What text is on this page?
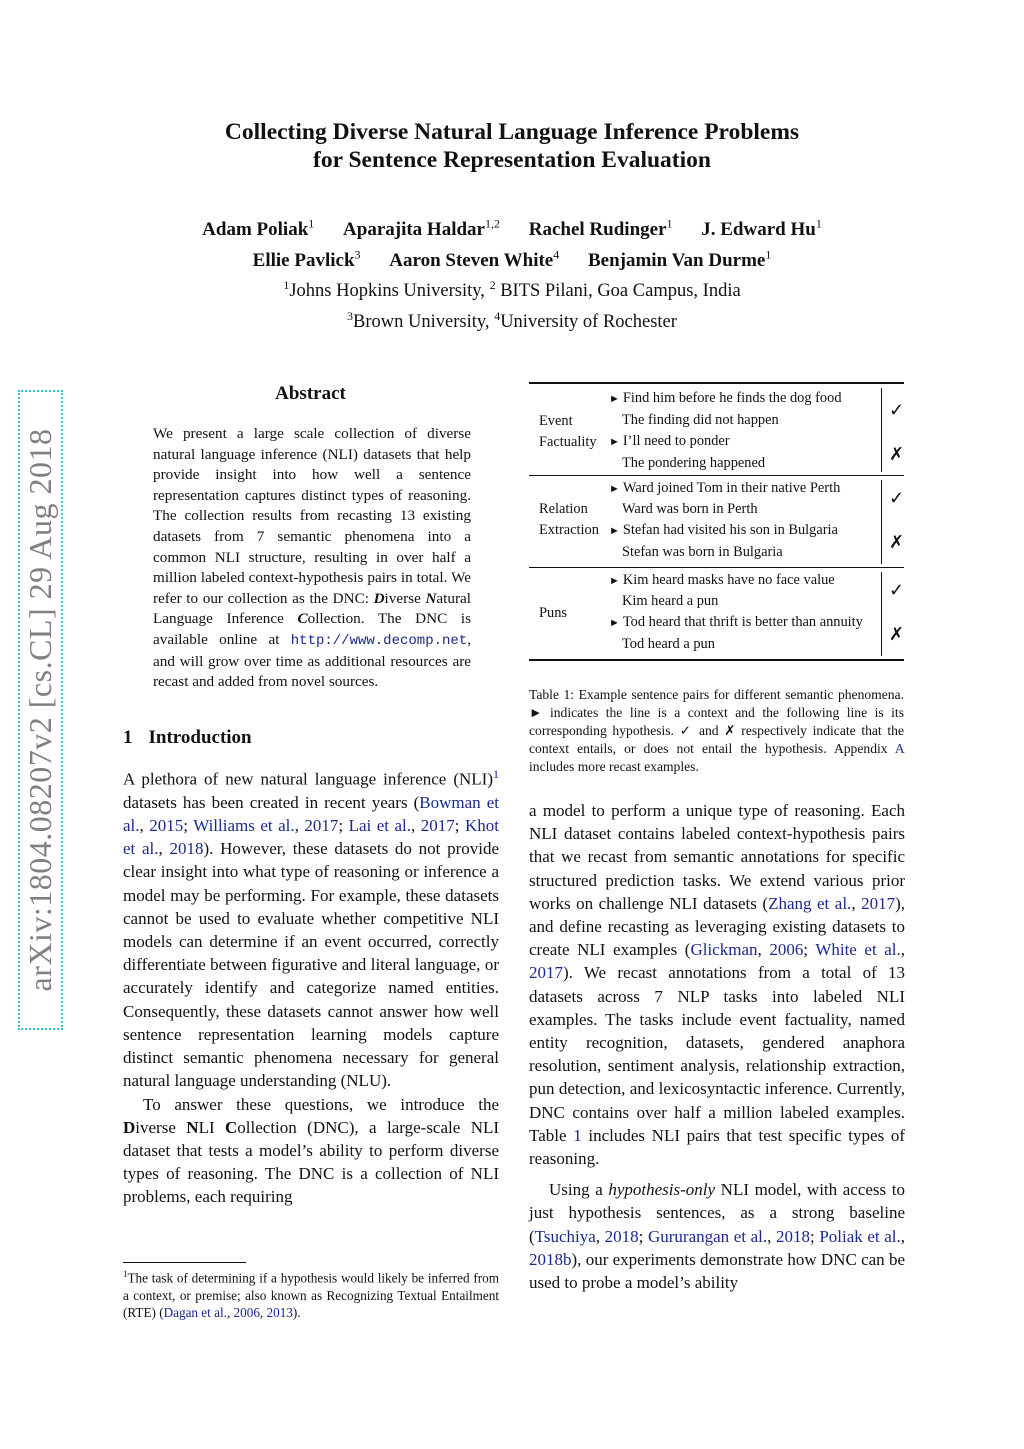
arXiv:1804.08207v2 [cs.CL] 29 Aug 2018
Collecting Diverse Natural Language Inference Problems
for Sentence Representation Evaluation
Adam Poliak$^1$ Aparajita Haldar$^{1,2}$ Rachel Rudinger$^1$ J. Edward Hu$^1$
Ellie Pavlick$^3$ Aaron Steven White$^4$ Benjamin Van Durme$^1$
$^1$Johns Hopkins University, $^2$ BITS Pilani, Goa Campus, India
$^3$Brown University, $^4$University of Rochester
Abstract
We present a large scale collection of diverse natural language inference (NLI) datasets that help provide insight into how well a sentence representation captures distinct types of reasoning. The collection results from recasting 13 existing datasets from 7 semantic phenomena into a common NLI structure, resulting in over half a million labeled context-hypothesis pairs in total. We refer to our collection as the DNC: Diverse Natural Language Inference Collection. The DNC is available online at http://www.decomp.net, and will grow over time as additional resources are recast and added from novel sources.
1 Introduction

A plethora of new natural language inference (NLI)$^1$ datasets has been created in recent years (Bowman et al., 2015; Williams et al., 2017; Lai et al., 2017; Khot et al., 2018). However, these datasets do not provide clear insight into what type of reasoning or inference a model may be performing. For example, these datasets cannot be used to evaluate whether competitive NLI models can determine if an event occurred, correctly differentiate between figurative and literal language, or accurately identify and categorize named entities. Consequently, these datasets cannot answer how well sentence representation learning models capture distinct semantic phenomena necessary for general natural language understanding (NLU).

To answer these questions, we introduce the Diverse NLI Collection (DNC), a large-scale NLI dataset that tests a model’s ability to perform diverse types of reasoning. The DNC is a collection of NLI problems, each requiring

$^1$The task of determining if a hypothesis would likely be inferred from a context, or premise; also known as Recognizing Textual Entailment (RTE) (Dagan et al., 2006, 2013).
Event
Factuality
► Find him before he finds the dog food
The finding did not happen
► I’ll need to ponder
The pondering happened
✓
✗
Relation
Extraction
► Ward joined Tom in their native Perth
Ward was born in Perth
► Stefan had visited his son in Bulgaria
Stefan was born in Bulgaria
✓
✗
Puns
► Kim heard masks have no face value
Kim heard a pun
► Tod heard that thrift is better than annuity
Tod heard a pun
✓
✗
Table 1: Example sentence pairs for different semantic phenomena. ► indicates the line is a context and the following line is its corresponding hypothesis. ✓ and ✗ respectively indicate that the context entails, or does not entail the hypothesis. Appendix A includes more recast examples.

a model to perform a unique type of reasoning. Each NLI dataset contains labeled context-hypothesis pairs that we recast from semantic annotations for specific structured prediction tasks. We extend various prior works on challenge NLI datasets (Zhang et al., 2017), and define recasting as leveraging existing datasets to create NLI examples (Glickman, 2006; White et al., 2017). We recast annotations from a total of 13 datasets across 7 NLP tasks into labeled NLI examples. The tasks include event factuality, named entity recognition, datasets, gendered anaphora resolution, sentiment analysis, relationship extraction, pun detection, and lexicosyntactic inference. Currently, DNC contains over half a million labeled examples. Table 1 includes NLI pairs that test specific types of reasoning.

Using a hypothesis-only NLI model, with access to just hypothesis sentences, as a strong baseline (Tsuchiya, 2018; Gururangan et al., 2018; Poliak et al., 2018b), our experiments demonstrate how DNC can be used to probe a model’s ability
